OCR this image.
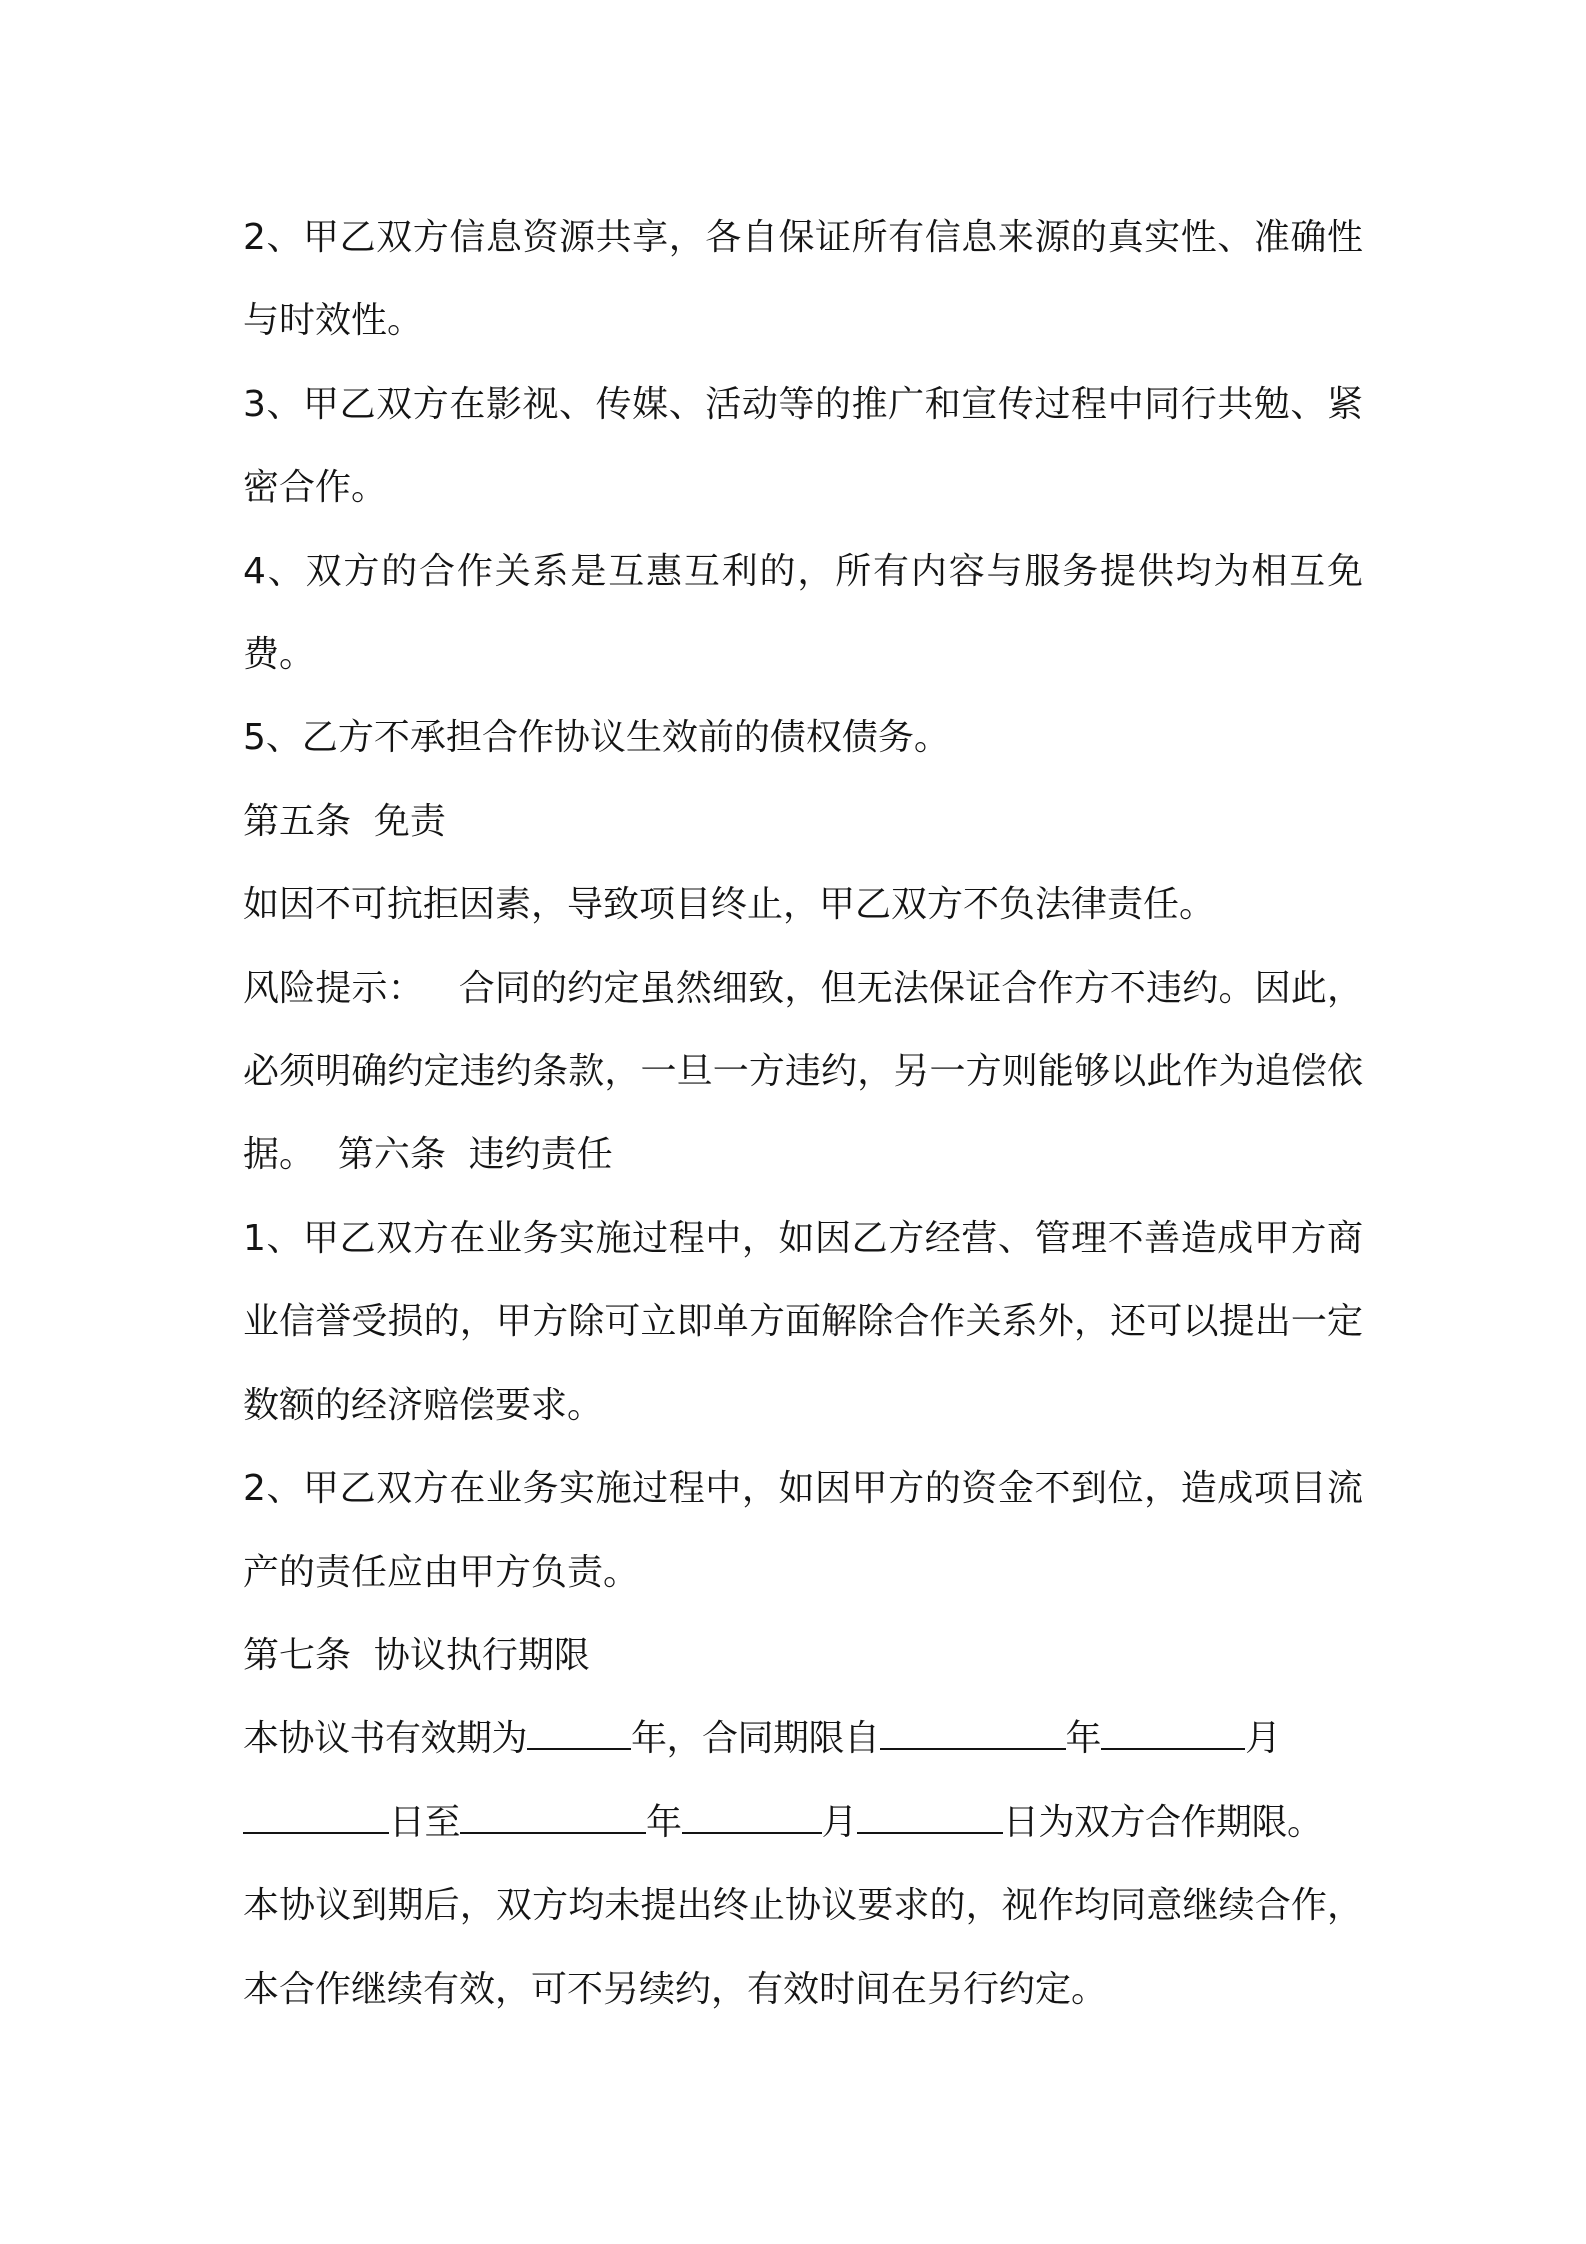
2、甲乙双方信息资源共享，各自保证所有信息来源的真实性、准确性与时效性。

3、甲乙双方在影视、传媒、活动等的推广和宣传过程中同行共勉、紧密合作。

4、双方的合作关系是互惠互利的，所有内容与服务提供均为相互免费。

5、乙方不承担合作协议生效前的债权债务。

第五条  免责

如因不可抗拒因素，导致项目终止，甲乙双方不负法律责任。

风险提示：   合同的约定虽然细致，但无法保证合作方不违约。因此，必须明确约定违约条款，一旦一方违约，另一方则能够以此作为追偿依据。 第六条  违约责任

1、甲乙双方在业务实施过程中，如因乙方经营、管理不善造成甲方商业信誉受损的，甲方除可立即单方面解除合作关系外，还可以提出一定数额的经济赔偿要求。

2、甲乙双方在业务实施过程中，如因甲方的资金不到位，造成项目流产的责任应由甲方负责。

第七条  协议执行期限

本协议书有效期为	年，合同期限自	年	月
日至	年	月	日为双方合作期限。

本协议到期后，双方均未提出终止协议要求的，视作均同意继续合作，本合作继续有效，可不另续约，有效时间在另行约定。
